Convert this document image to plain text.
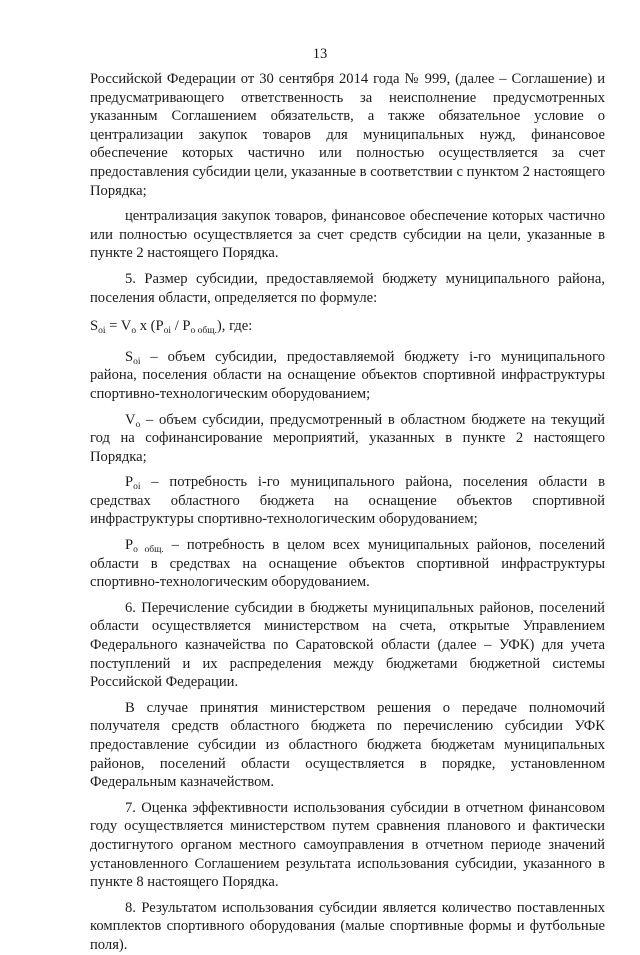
13

Российской Федерации от 30 сентября 2014 года № 999, (далее – Соглашение) и предусматривающего ответственность за неисполнение предусмотренных указанным Соглашением обязательств, а также обязательное условие о централизации закупок товаров для муниципальных нужд, финансовое обеспечение которых частично или полностью осуществляется за счет предоставления субсидии цели, указанные в соответствии с пунктом 2 настоящего Порядка;

централизация закупок товаров, финансовое обеспечение которых частично или полностью осуществляется за счет средств субсидии на цели, указанные в пункте 2 настоящего Порядка.

5. Размер субсидии, предоставляемой бюджету муниципального района, поселения области, определяется по формуле:

$S_{oi} = V_o$ x $(P_{oi} / P_{o общ.})$, где:

$S_{oi}$ – объем субсидии, предоставляемой бюджету i-го муниципального района, поселения области на оснащение объектов спортивной инфраструктуры спортивно-технологическим оборудованием;

$V_o$ – объем субсидии, предусмотренный в областном бюджете на текущий год на софинансирование мероприятий, указанных в пункте 2 настоящего Порядка;

$P_{oi}$ – потребность i-го муниципального района, поселения области в средствах областного бюджета на оснащение объектов спортивной инфраструктуры спортивно-технологическим оборудованием;

$P_{o общ.}$ – потребность в целом всех муниципальных районов, поселений области в средствах на оснащение объектов спортивной инфраструктуры спортивно-технологическим оборудованием.

6. Перечисление субсидии в бюджеты муниципальных районов, поселений области осуществляется министерством на счета, открытые Управлением Федерального казначейства по Саратовской области (далее – УФК) для учета поступлений и их распределения между бюджетами бюджетной системы Российской Федерации.

В случае принятия министерством решения о передаче полномочий получателя средств областного бюджета по перечислению субсидии УФК предоставление субсидии из областного бюджета бюджетам муниципальных районов, поселений области осуществляется в порядке, установленном Федеральным казначейством.

7. Оценка эффективности использования субсидии в отчетном финансовом году осуществляется министерством путем сравнения планового и фактически достигнутого органом местного самоуправления в отчетном периоде значений установленного Соглашением результата использования субсидии, указанного в пункте 8 настоящего Порядка.

8. Результатом использования субсидии является количество поставленных комплектов спортивного оборудования (малые спортивные формы и футбольные поля).
